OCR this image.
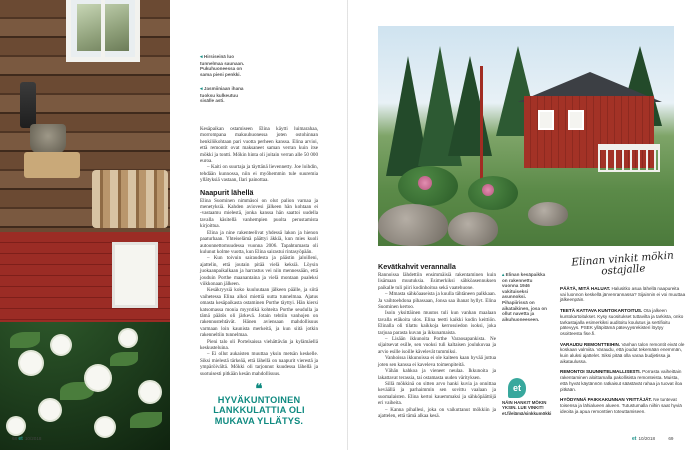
◂ Hirsiseinä luo tunnelmaa saunaan. Pukuhuoneessa on sama pieni penkki.
◂ Jasmiiniaan ihana tuoksu kulkeutuu sisälle asti.

Kesäpaikan ostamiseen Elina käytti luimarahaa, morrompana makuuhuonessa joten ostohinnan henkilökohtaan pari vuotta perheen kanssa. Elina arvioi, että remontit ovat maksaneet saman verran kuin itse mökki ja tontti. Mökin hinta oli joitain verran alle 50 000 euroa.

– Kaiti on suurtaja ja täyttänä lievennetty. Joe loihdin, tehdään kunnossa, niin ei myöhemmin tule suuremia yllätyksiä vastaan, Ilari painottaa.

Naapurit lähellä

Elina Suominen nimmäsoi on olut palion varnaa ja menetyksiä. Kahden aviovesi jälkeen hän kohtaan ei ‑vastaamu mielestä, jonka kanssa hän saattoi uudella tavalla käsitellä vanhempien puolta perustamista kirjoittua.

Elina ja nine rakenteelivat yhdessä lakon ja hienon paaturhaan. Yhteiselämä päättyi äkkiä, kun mies kuoli autoonnettomuudessa vuonna 2006. Tapahtumasta oli kulunut kolme vuotta, kun Elina sairastui rintasyöpään.

– Kun toivuin sairaudesta ja päästin jaloilleni, ajattelin, että joutain pitää vielä keksiä. Löysin juokaanpaikalkaan ja harrastus vei niin mennessään, että jouduin Porthe maanantaina ja vielä montaan pualeksi viikkonaan jälkeen.

Kesäkryysiä koko kuuluutaan jälkeen päälle, ja siitä vaihetessa Elina alkoi miettiä uutta tunnelmaa. Ajatus omasta kesäpaikasta ostaminen Porthe täyttyi. Hän kiersi katsomassa monia myyntikä kohteita Porthe seudulla ja tämä päätös oli järkevä. Jotain tehtiin vanhojen on rakennustehtävät. Hänen aviensaan mahdollisuus varmaan loin kaunista merkeitä, ja kun siitä jotkin rakenneltiin tunnelmaa.

Pieni talo oli Portelsaissa viehättävän ja kylämäellä keskusteluina.

– Ei ollut aukaisten muuttaa yksin metsän keskelle. Siksi mielestä tärkeää, että lähellä on naapurit vierestä ja ympäröivältä. Mökki oli tarjonnut kuudessa lähellä ja suotuisesti pitkään kesän mahdollisuus.

❝
HYVÄKUNTOINEN LANKKULATTIA OLI MUKAVA YLLÄTYS.
68 et 10/2018
Kevätkahvit verannalla

Rannoissa lähdettiin ensimmäisiä rakentaminen kuin lisämaan muutuksia. Esimerkiksi sähköasennuksen paikalle tuli piiri kodinhoitoa sekä vaatehuone.

– Mmasta sähköaaseista ja kuulla tähtäneen palkkaan. Ja vaihtoehdona pihassaan, Jonsa saa ihanat hyllyt. Elina Suominen kertoo.

Isoin yksittäinen muutos tuli kun vanhan maalaan tavalla etäkoita ulos. Elina teetti kaikki kodin keittiön. Elinalla oli tilattu kaikkoja kerrossiedon isoksi, joka tarjoaa parasta kuvan ja ikkunamaista.

– Lisään ikkunoita Porthe Varaosapankista. Ne sijaitsevat esille, sen vuoksi tuli kaltaisen joulukuvaa ja arvio esille isoille kävelevät tummiksi.

Vanhoissa ikkunoissa ei ole kaiteen kaan hyvää juttua joten sen kanssa ei kaveleva toimenpiteitä.

Vähän kahkoa ja vieneet neulaa. Ikkunoita ja lakattavat terassia, tai ostamasta uuden värityksen.

Sillä mökkinä on sitten arvo hanki kuvia ja onnittaa keväällä ja parhaimmin sen sovittu vaalaan ja suomalaisten. Elina kertoi kauemmaksi ja sähköpäättöjä eri vaiheita.

– Kanna pihallesi, joka on vaikuttanut mökkiin ja ajattelen, että tämä alkaa kesä.

▴ Elinan kesäpaikka on rakennettu vuonna 1946 vakituiseksi asunnoksi. Pihapiirissä on aikataikinen, josa on ollut navetta ja aikuhuoneeseen.
et
NÄIN HANKIT MÖKIN YKSIN. LUE VINKIT! et.fi/elämä/sinkkumökki
Elinan vinkit mökin ostajalle
PÄÄTÄ, MITÄ HALUAT. Halusitko asua lähellä naapureita vai luonnon keskellä järvenrannassa? Sijainnin ei voi muuttaa jälkeenpäin.
TEETÄ KATTAVA KUNTOKARTOITUS. Ota jalkeen kuntokartoitukset. Kysy suositukset tuttavilta ja tarkista, onko tarkastajalla esimerkiksi auditoitu koulutus ja sertifioitu pätevyys. PSEK ylläpitämä pätevyysrekisteri löytyy osoitteesta fise.fi.
VARAUDU REMONTTEIHIN. Vanhan talon remontit eivät ole koskaan valmiita. Varaudu, että joudut tekemään enemmän, kuin aluksi ajattelet. Siksi pitää olla varaa budjetissa ja aikataulussa.
REMONTOI SUUNNITELMALLISESTI. Porrasta vaiheittain rakentaminen aloittamalla pakollisista remonteista. Muista, että hyvät käytännön ratkaisut säästävät rahaa ja tuovat iloa pitkään.
HYÖDYNNÄ PAIKKAKUNNAN YRITTÄJÄT. Ne tuntevat toisensa ja lähialueen alueen. Tutustumalla niihin saat hyviä ideoita ja apua remonttien toteuttamiseen.
et 10/2018	69
